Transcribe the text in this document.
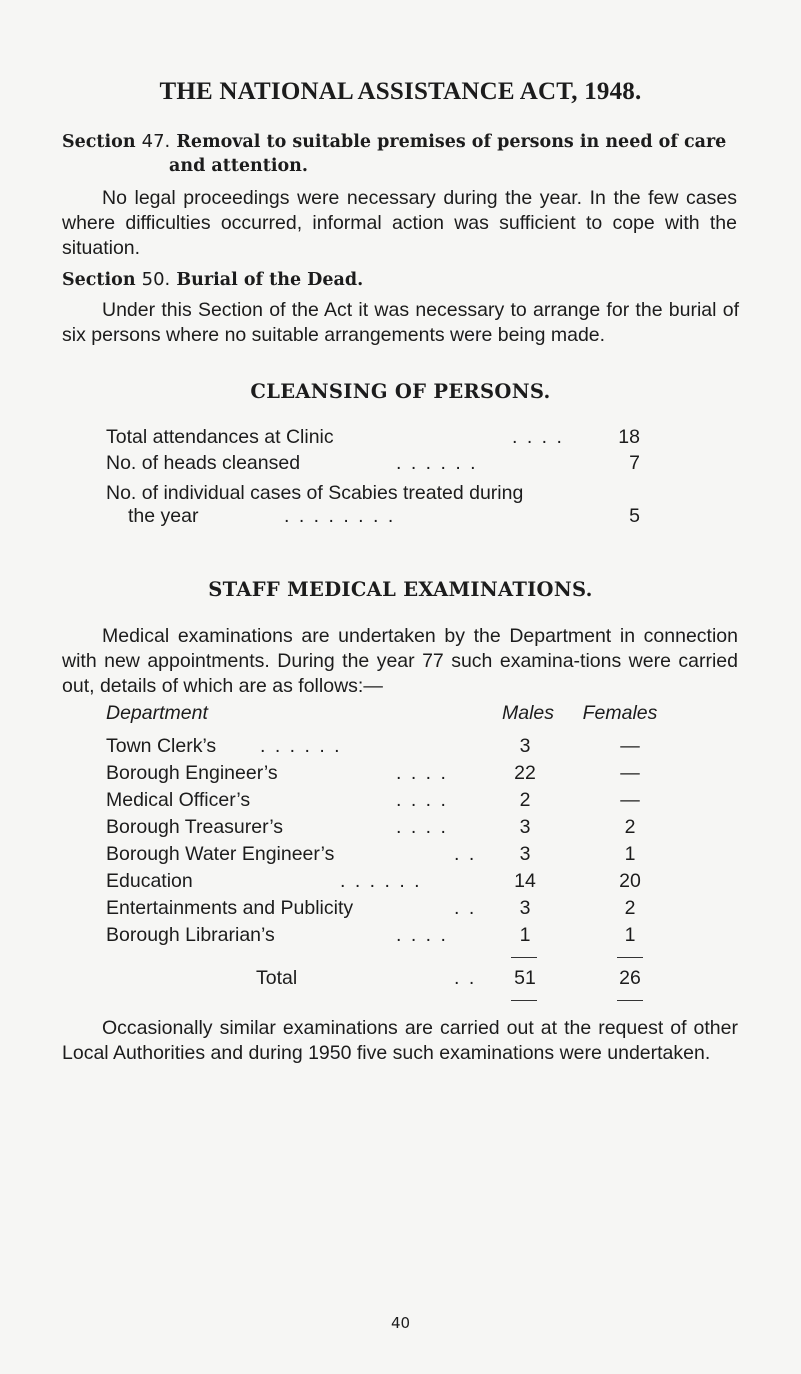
THE NATIONAL ASSISTANCE ACT, 1948.
Section 47. Removal to suitable premises of persons in need of care
and attention.
No legal proceedings were necessary during the year. In the few cases where difficulties occurred, informal action was sufficient to cope with the situation.
Section 50. Burial of the Dead.
Under this Section of the Act it was necessary to arrange for the burial of six persons where no suitable arrangements were being made.
CLEANSING OF PERSONS.
Total attendances at Clinic	. . . .	18
No. of heads cleansed	. . . . . .	7
No. of individual cases of Scabies treated during
the year	. . . . . . . .	5
STAFF MEDICAL EXAMINATIONS.
Medical examinations are undertaken by the Department in connection with new appointments. During the year 77 such examina-tions were carried out, details of which are as follows:—
Department	Males	Females
Town Clerk’s . . . . . .	3	—
Borough Engineer’s	. . . .	22	—
Medical Officer’s	. . . .	2	—
Borough Treasurer’s	. . . .	3	2
Borough Water Engineer’s	. .	3	1
Education	. . . . . .	14	20
Entertainments and Publicity	. .	3	2
Borough Librarian’s	. . . .	1	1
Total	. .	51	26
Occasionally similar examinations are carried out at the request of other Local Authorities and during 1950 five such examinations were undertaken.
40
